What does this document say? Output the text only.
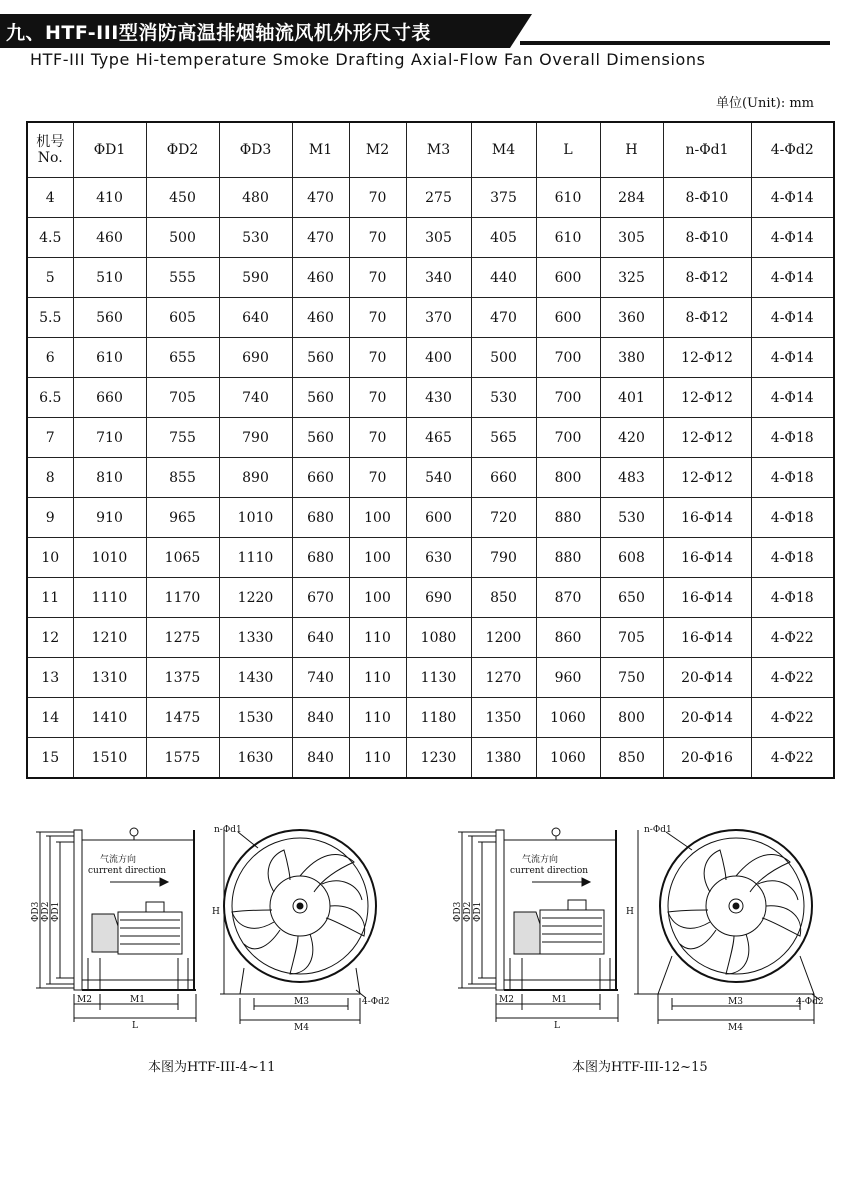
九、HTF-III型消防高温排烟轴流风机外形尺寸表
HTF-III Type Hi-temperature Smoke Drafting Axial-Flow Fan Overall Dimensions
单位(Unit): mm
机号
No.	ΦD1	ΦD2	ΦD3	M1	M2	M3	M4	L	H	n-Φd1	4-Φd2
4	410	450	480	470	70	275	375	610	284	8-Φ10	4-Φ14
4.5	460	500	530	470	70	305	405	610	305	8-Φ10	4-Φ14
5	510	555	590	460	70	340	440	600	325	8-Φ12	4-Φ14
5.5	560	605	640	460	70	370	470	600	360	8-Φ12	4-Φ14
6	610	655	690	560	70	400	500	700	380	12-Φ12	4-Φ14
6.5	660	705	740	560	70	430	530	700	401	12-Φ12	4-Φ14
7	710	755	790	560	70	465	565	700	420	12-Φ12	4-Φ18
8	810	855	890	660	70	540	660	800	483	12-Φ12	4-Φ18
9	910	965	1010	680	100	600	720	880	530	16-Φ14	4-Φ18
10	1010	1065	1110	680	100	630	790	880	608	16-Φ14	4-Φ18
11	1110	1170	1220	670	100	690	850	870	650	16-Φ14	4-Φ18
12	1210	1275	1330	640	110	1080	1200	860	705	16-Φ14	4-Φ22
13	1310	1375	1430	740	110	1130	1270	960	750	20-Φ14	4-Φ22
14	1410	1475	1530	840	110	1180	1350	1060	800	20-Φ14	4-Φ22
15	1510	1575	1630	840	110	1230	1380	1060	850	20-Φ16	4-Φ22
气流方向
current direction
ΦD3 ΦD2 ΦD1
M2	M1
L
H
n-Φd1
4-Φd2
M3
M4
本图为HTF-III-4~11
气流方向
current direction
ΦD3 ΦD2 ΦD1
M2	M1
L
H
n-Φd1
4-Φd2
M3
M4
本图为HTF-III-12~15
